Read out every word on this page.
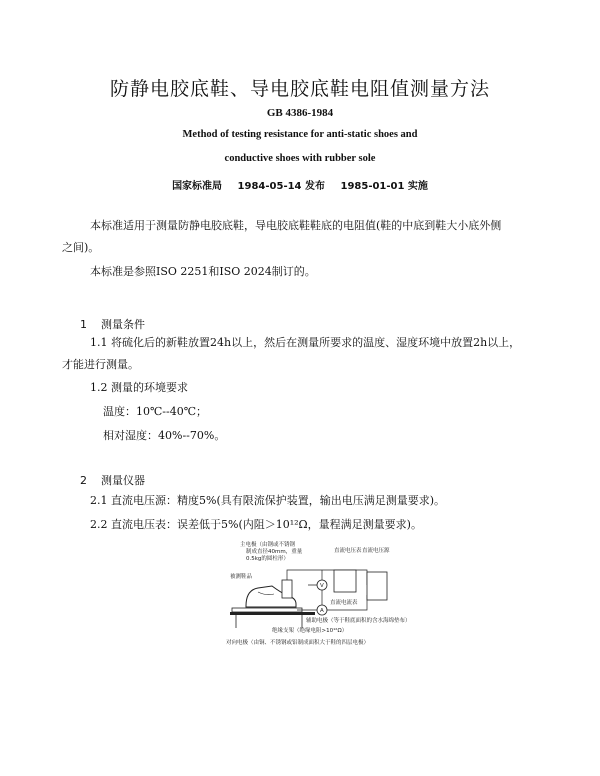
防静电胶底鞋、导电胶底鞋电阻值测量方法
GB 4386-1984
Method of testing resistance for anti-static shoes and
conductive shoes with rubber sole
国家标准局 1984-05-14 发布 1985-01-01 实施
本标准适用于测量防静电胶底鞋，导电胶底鞋鞋底的电阻值(鞋的中底到鞋大小底外侧
之间)。
本标准是参照ISO 2251和ISO 2024制订的。
1 测量条件
1.1 将硫化后的新鞋放置24h以上，然后在测量所要求的温度、湿度环境中放置2h以上，
才能进行测量。
1.2 测量的环境要求
温度：10℃--40℃；
相对湿度：40%--70%。
2 测量仪器
2.1 直流电压源：精度5%(具有限流保护装置，输出电压满足测量要求)。
2.2 直流电压表：误差低于5%(内阻＞10¹²Ω，量程满足测量要求)。
V
A
主电极（由钢或不锈钢
制成直径40mm，重量
0.5kg的圆柱形）
被测鞋品
直流电压表 直流电压源
直流电流表
绝缘支架（绝缘电阻>10¹²Ω）
辅助电极（等于鞋底面积的含水海绵垫布）
对向电极（由铜、不锈钢或铝制成面积大于鞋的四层电极）
